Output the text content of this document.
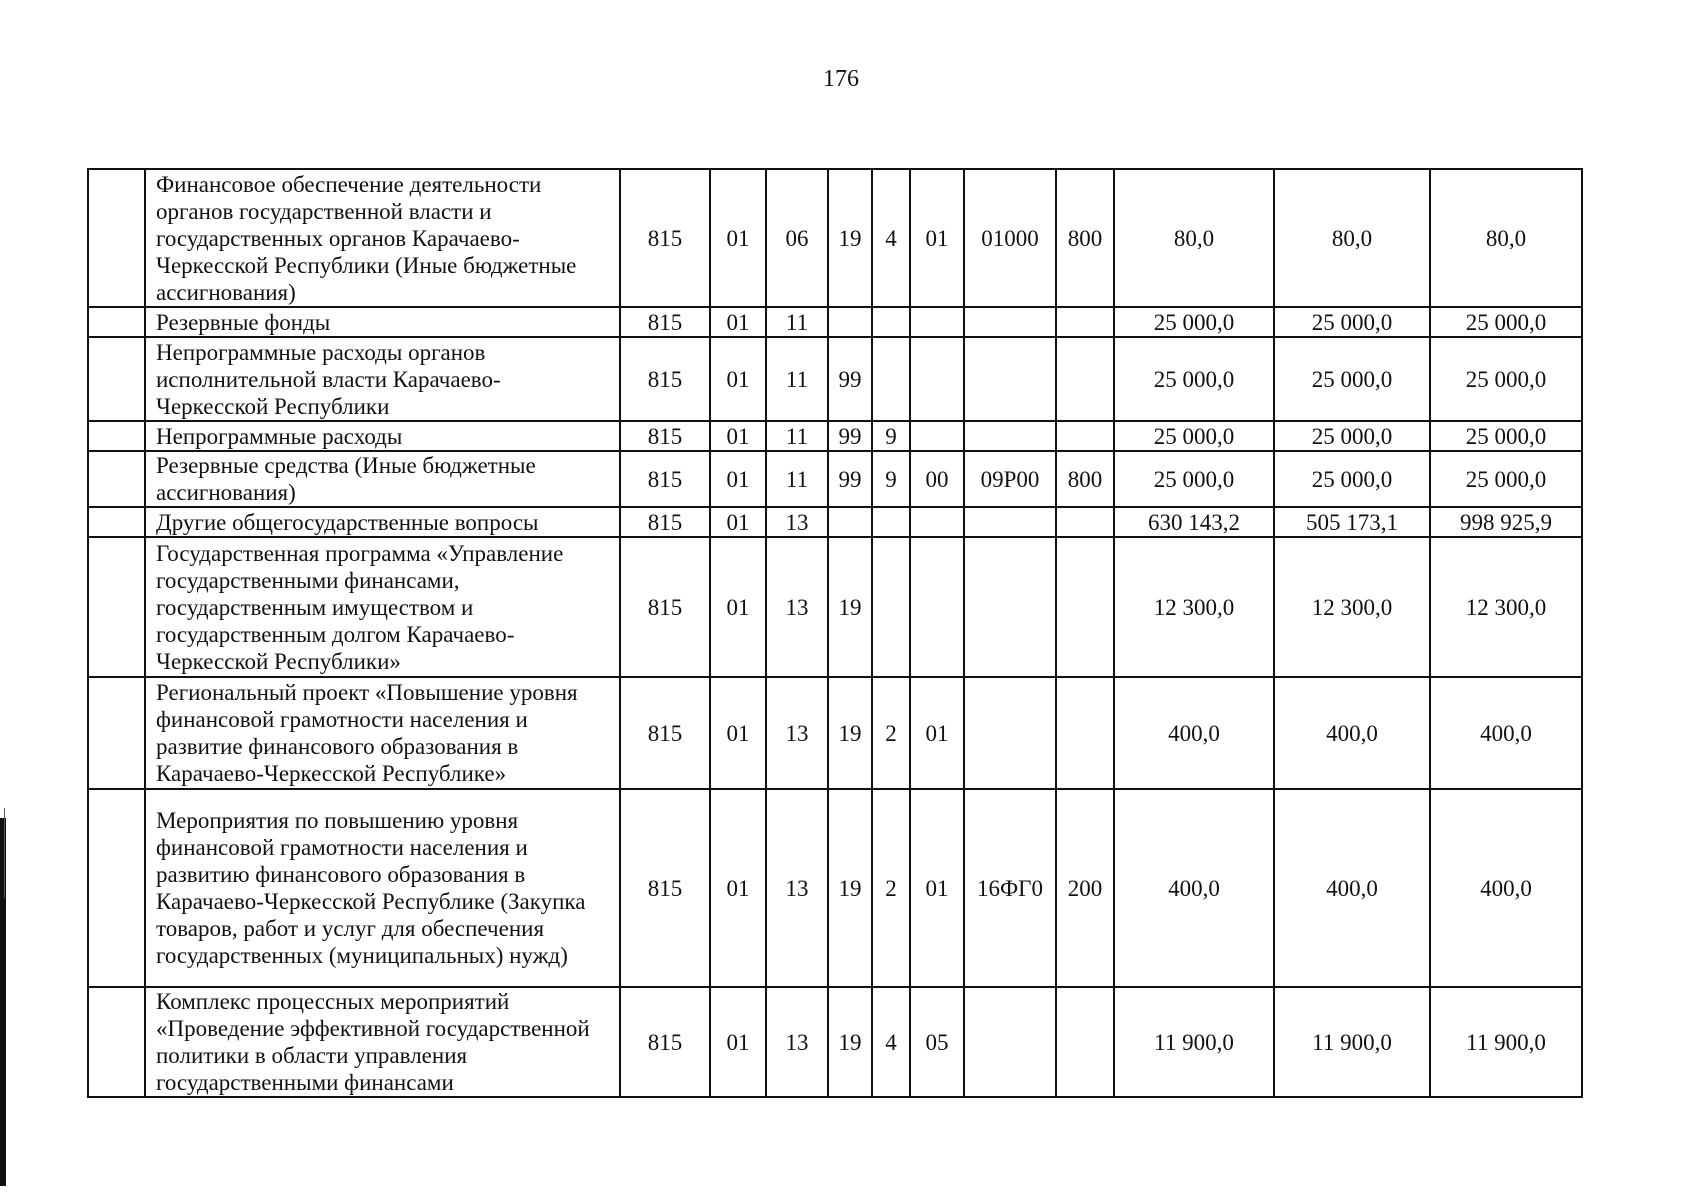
176
	Финансовое обеспечение деятельности органов государственной власти и государственных органов Карачаево-Черкесской Республики (Иные бюджетные ассигнования)	815	01	06	19	4	01	01000	800	80,0	80,0	80,0
	Резервные фонды	815	01	11						25 000,0	25 000,0	25 000,0
	Непрограммные расходы органов исполнительной власти Карачаево-Черкесской Республики	815	01	11	99					25 000,0	25 000,0	25 000,0
	Непрограммные расходы	815	01	11	99	9				25 000,0	25 000,0	25 000,0
	Резервные средства (Иные бюджетные ассигнования)	815	01	11	99	9	00	09Р00	800	25 000,0	25 000,0	25 000,0
	Другие общегосударственные вопросы	815	01	13						630 143,2	505 173,1	998 925,9
	Государственная программа «Управление государственными финансами, государственным имуществом и государственным долгом Карачаево-Черкесской Республики»	815	01	13	19					12 300,0	12 300,0	12 300,0
	Региональный проект «Повышение уровня финансовой грамотности населения и развитие финансового образования в Карачаево-Черкесской Республике»	815	01	13	19	2	01			400,0	400,0	400,0
	Мероприятия по повышению уровня финансовой грамотности населения и развитию финансового образования в Карачаево-Черкесской Республике (Закупка товаров, работ и услуг для обеспечения государственных (муниципальных) нужд)	815	01	13	19	2	01	16ФГ0	200	400,0	400,0	400,0
	Комплекс процессных мероприятий «Проведение эффективной государственной политики в области управления государственными финансами	815	01	13	19	4	05			11 900,0	11 900,0	11 900,0
